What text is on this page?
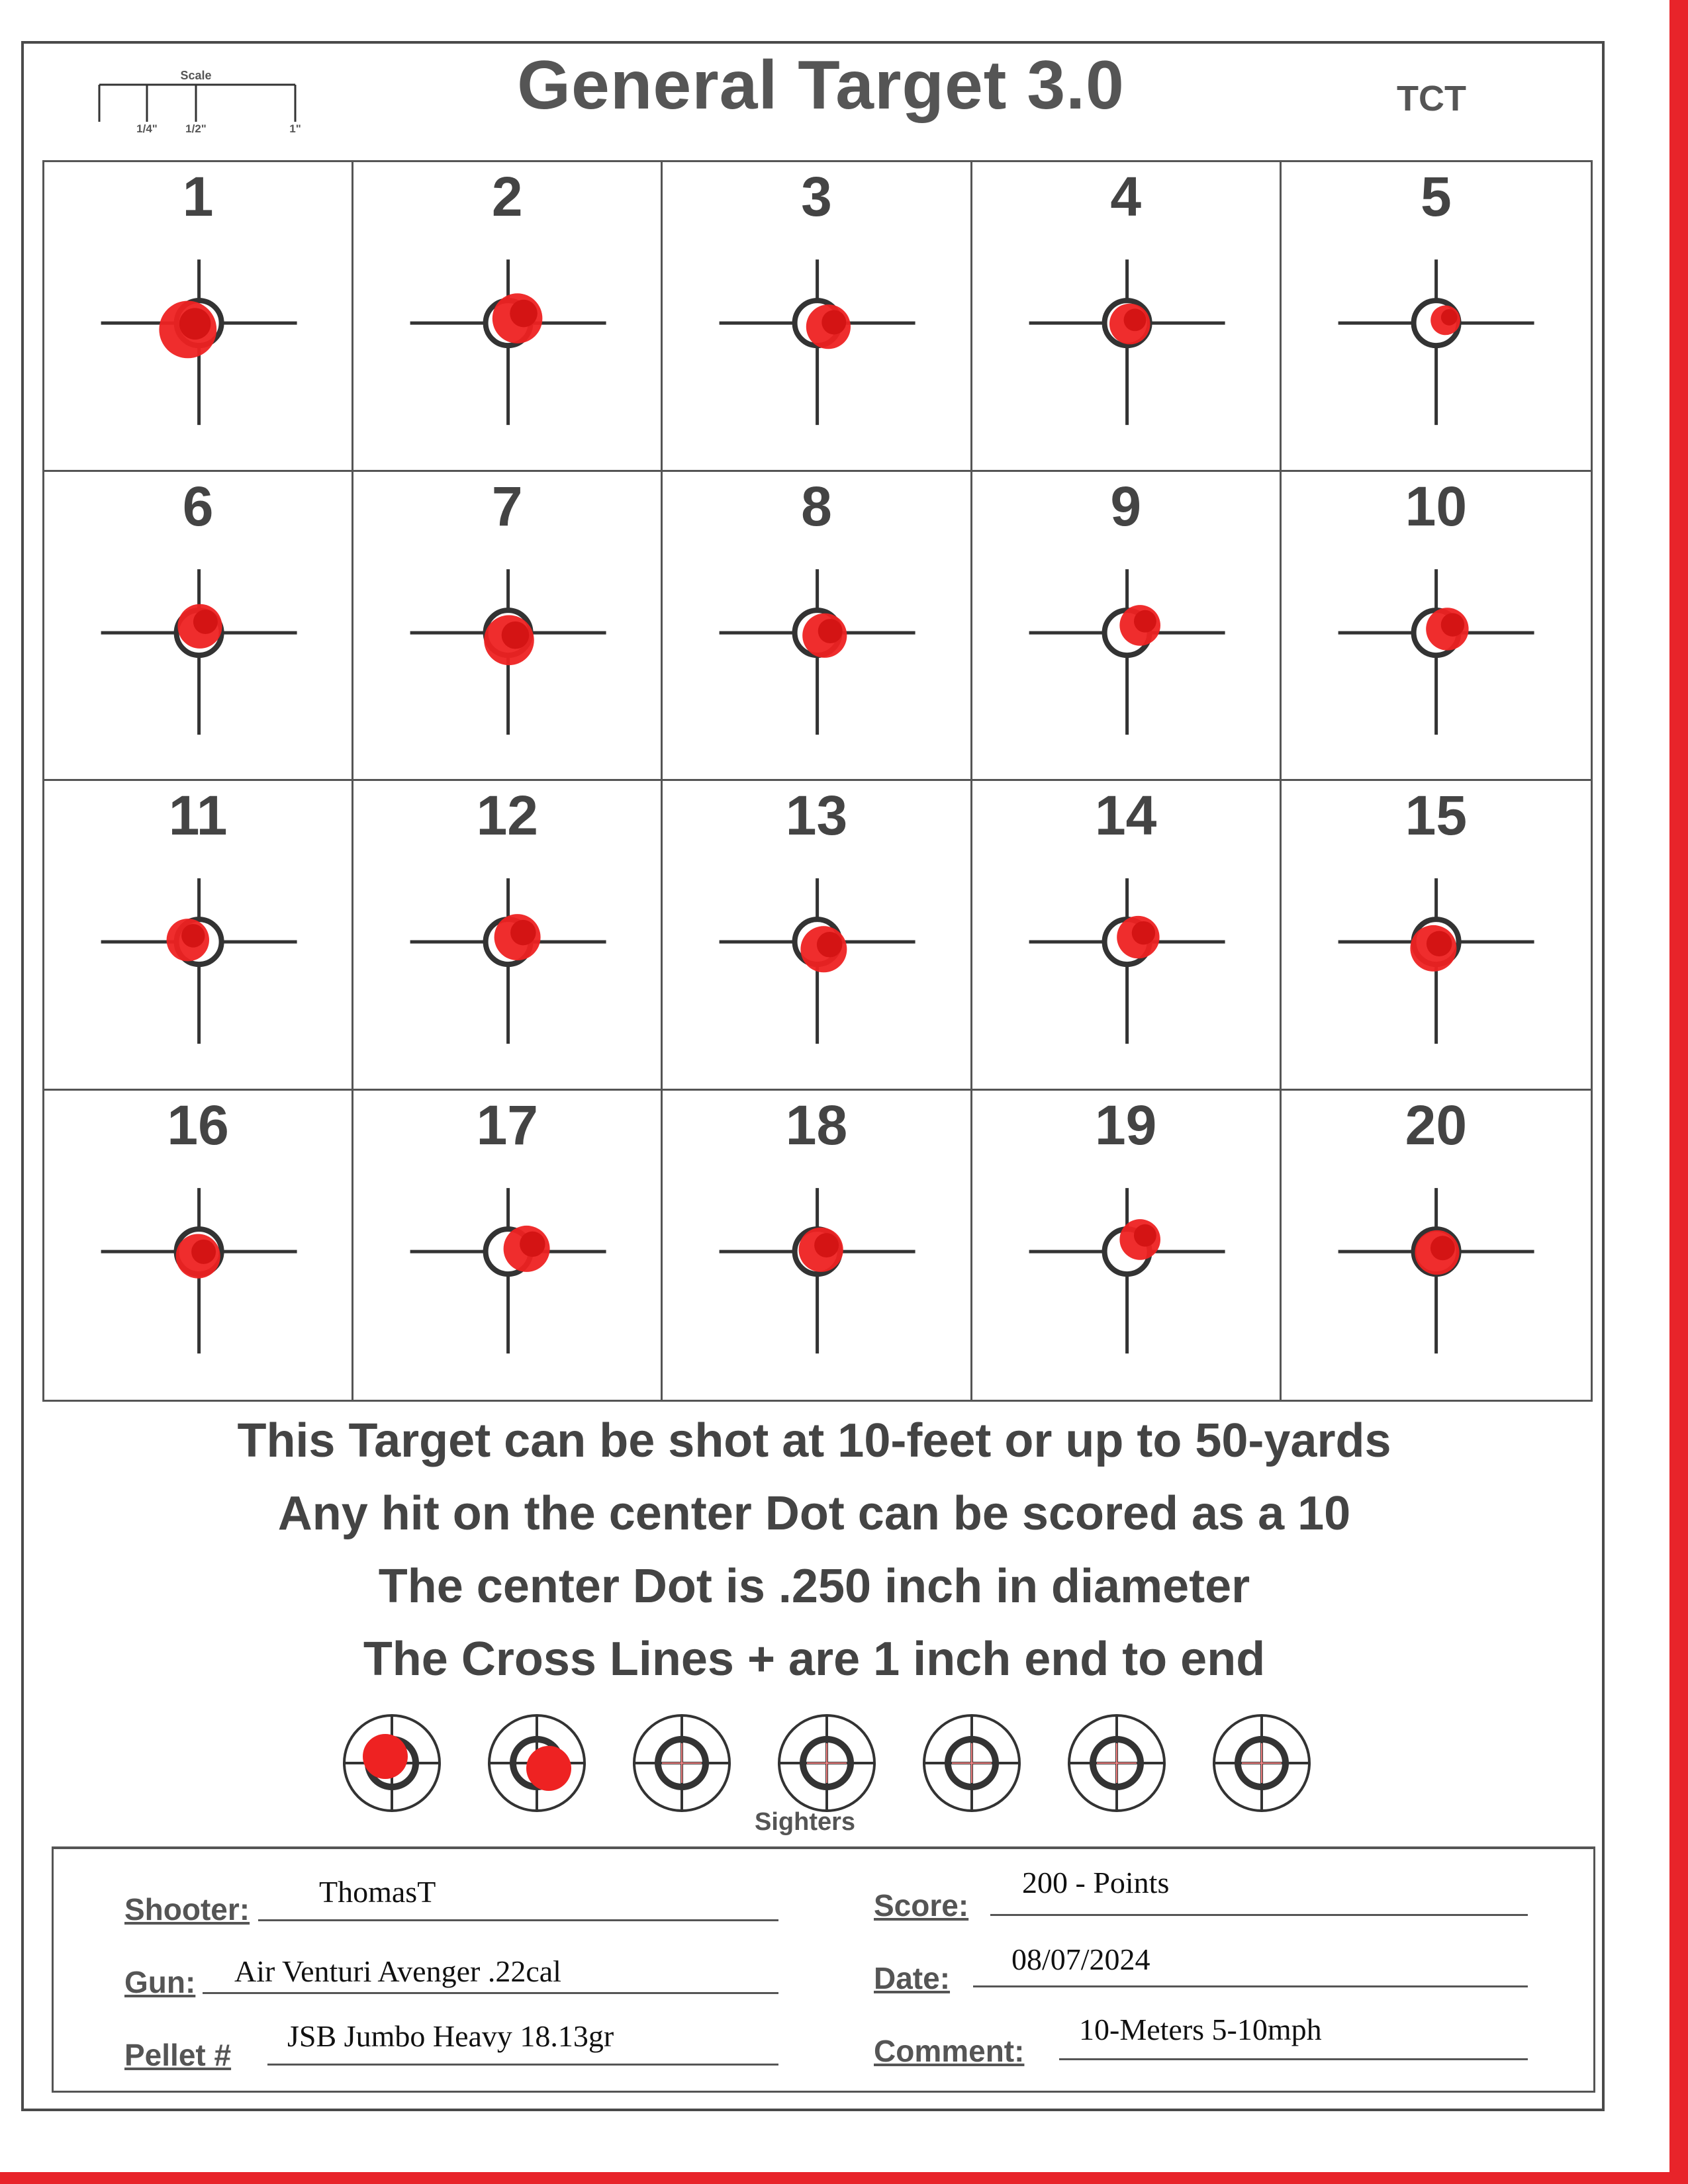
Scale
1/4" 1/2"	1"
General Target 3.0	TCT
1	2	3	4	5
6	7	8	9	10
11	12	13	14	15
16	17	18	19	20
This Target can be shot at 10-feet or up to 50-yards
Any hit on the center Dot can be scored as a 10
The center Dot is .250 inch in diameter
The Cross Lines + are 1 inch end to end
Sighters
Shooter:
ThomasT
Gun: Air Venturi Avenger .22cal
Pellet #
JSB Jumbo Heavy 18.13gr
Score:
200 - Points
Date:
08/07/2024
Comment:
10-Meters 5-10mph
